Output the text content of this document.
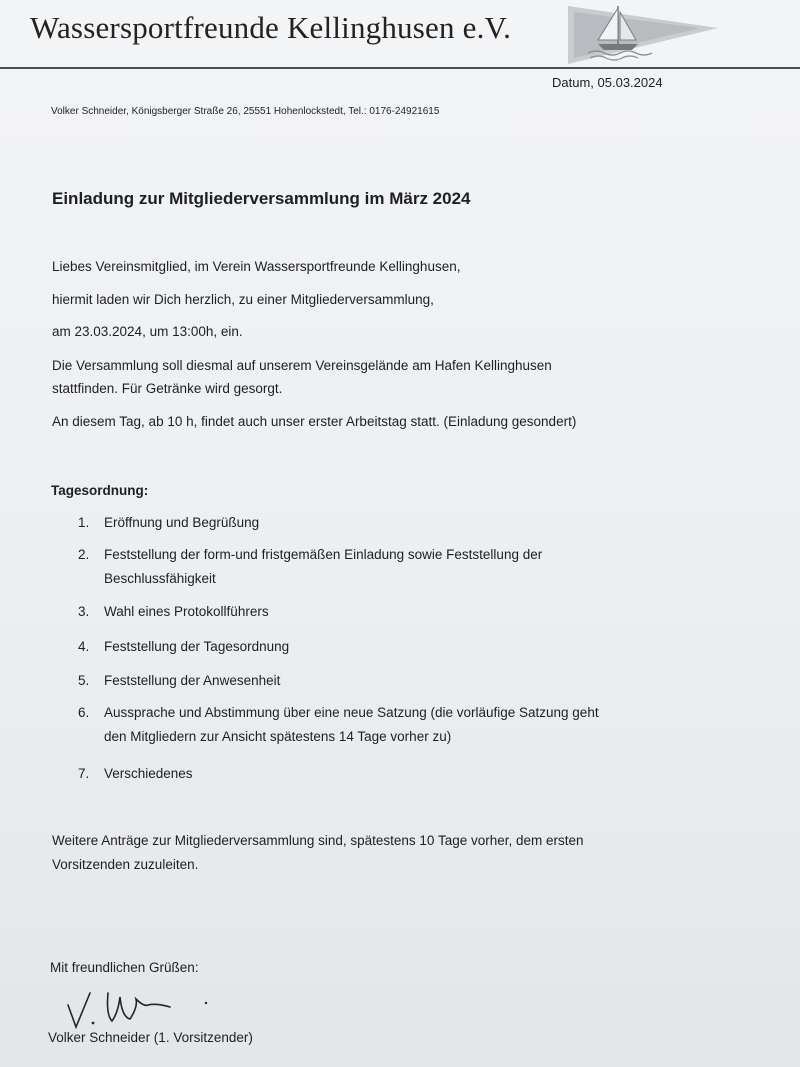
Wassersportfreunde Kellinghusen e.V.
Datum, 05.03.2024
Volker Schneider, Königsberger Straße 26, 25551 Hohenlockstedt, Tel.: 0176-24921615
Einladung zur Mitgliederversammlung im März 2024
Liebes Vereinsmitglied, im Verein Wassersportfreunde Kellinghusen,
hiermit laden wir Dich herzlich, zu einer Mitgliederversammlung,
am 23.03.2024, um 13:00h, ein.
Die Versammlung soll diesmal auf unserem Vereinsgelände am Hafen Kellinghusen
stattfinden. Für Getränke wird gesorgt.
An diesem Tag, ab 10 h, findet auch unser erster Arbeitstag statt. (Einladung gesondert)
Tagesordnung:
1.	Eröffnung und Begrüßung
2.	Feststellung der form-und fristgemäßen Einladung sowie Feststellung der
Beschlussfähigkeit
3.	Wahl eines Protokollführers
4.	Feststellung der Tagesordnung
5.	Feststellung der Anwesenheit
6.	Aussprache und Abstimmung über eine neue Satzung (die vorläufige Satzung geht
den Mitgliedern zur Ansicht spätestens 14 Tage vorher zu)
7.	Verschiedenes
Weitere Anträge zur Mitgliederversammlung sind, spätestens 10 Tage vorher, dem ersten
Vorsitzenden zuzuleiten.
Mit freundlichen Grüßen:
Volker Schneider (1. Vorsitzender)
